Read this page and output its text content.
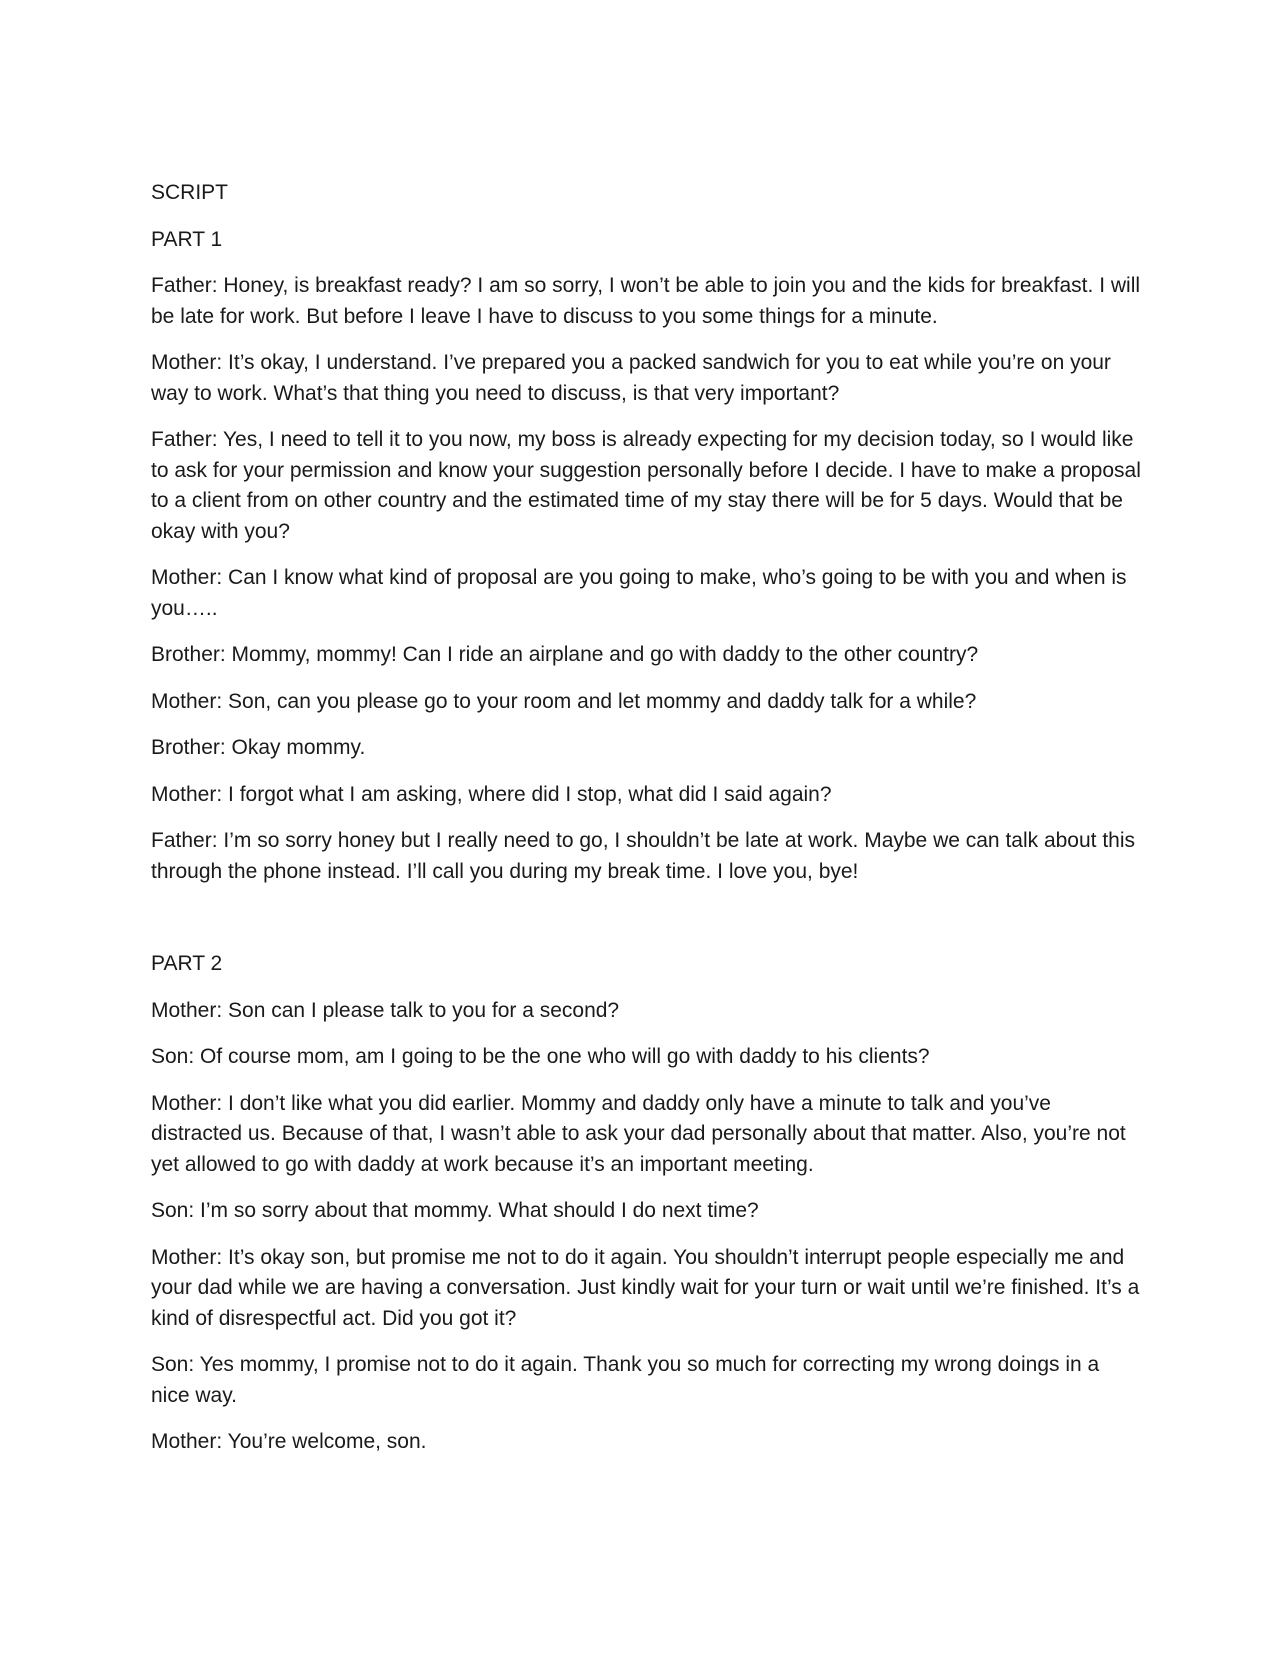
SCRIPT

PART 1

Father: Honey, is breakfast ready? I am so sorry, I won’t be able to join you and the kids for breakfast. I will be late for work. But before I leave I have to discuss to you some things for a minute.

Mother: It’s okay, I understand. I’ve prepared you a packed sandwich for you to eat while you’re on your way to work. What’s that thing you need to discuss, is that very important?

Father: Yes, I need to tell it to you now, my boss is already expecting for my decision today, so I would like to ask for your permission and know your suggestion personally before I decide. I have to make a proposal to a client from on other country and the estimated time of my stay there will be for 5 days. Would that be okay with you?

Mother: Can I know what kind of proposal are you going to make, who’s going to be with you and when is you…..

Brother: Mommy, mommy! Can I ride an airplane and go with daddy to the other country?

Mother: Son, can you please go to your room and let mommy and daddy talk for a while?

Brother: Okay mommy.

Mother: I forgot what I am asking, where did I stop, what did I said again?

Father: I’m so sorry honey but I really need to go, I shouldn’t be late at work. Maybe we can talk about this through the phone instead. I’ll call you during my break time. I love you, bye!

PART 2

Mother: Son can I please talk to you for a second?

Son: Of course mom, am I going to be the one who will go with daddy to his clients?

Mother: I don’t like what you did earlier. Mommy and daddy only have a minute to talk and you’ve distracted us. Because of that, I wasn’t able to ask your dad personally about that matter. Also, you’re not yet allowed to go with daddy at work because it’s an important meeting.

Son: I’m so sorry about that mommy. What should I do next time?

Mother: It’s okay son, but promise me not to do it again. You shouldn’t interrupt people especially me and your dad while we are having a conversation. Just kindly wait for your turn or wait until we’re finished. It’s a kind of disrespectful act. Did you got it?

Son: Yes mommy, I promise not to do it again. Thank you so much for correcting my wrong doings in a nice way.

Mother: You’re welcome, son.
